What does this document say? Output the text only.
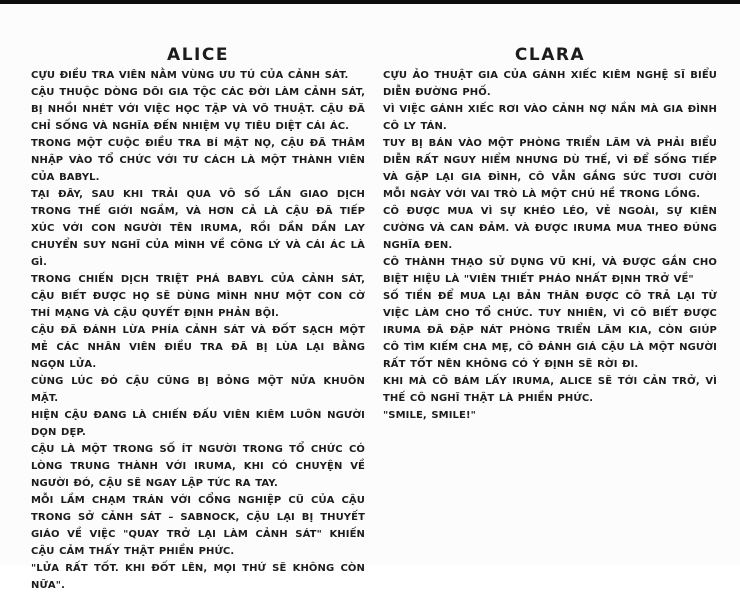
ALICE

CỰU ĐIỀU TRA VIÊN NẰM VÙNG ƯU TÚ CỦA CẢNH SÁT.

CẬU THUỘC DÒNG DÕI GIA TỘC CÁC ĐỜI LÀM CẢNH SÁT, BỊ NHỒI NHÉT VỚI VIỆC HỌC TẬP VÀ VÕ THUẬT. CẬU ĐÃ CHỈ SỐNG VÀ NGHĨA ĐẾN NHIỆM VỤ TIÊU DIỆT CÁI ÁC.

TRONG MỘT CUỘC ĐIỀU TRA BÍ MẬT NỌ, CẬU ĐÃ THÂM NHẬP VÀO TỔ CHỨC VỚI TƯ CÁCH LÀ MỘT THÀNH VIÊN CỦA BABYL.

TẠI ĐÂY, SAU KHI TRẢI QUA VÔ SỐ LẦN GIAO DỊCH TRONG THẾ GIỚI NGẦM, VÀ HƠN CẢ LÀ CẬU ĐÃ TIẾP XÚC VỚI CON NGƯỜI TÊN IRUMA, RỒI DẦN DẦN LAY CHUYỂN SUY NGHĨ CỦA MÌNH VỀ CÔNG LÝ VÀ CÁI ÁC LÀ GÌ.

TRONG CHIẾN DỊCH TRIỆT PHÁ BABYL CỦA CẢNH SÁT, CẬU BIẾT ĐƯỢC HỌ SẼ DÙNG MÌNH NHƯ MỘT CON CỜ THÍ MẠNG VÀ CẬU QUYẾT ĐỊNH PHẢN BỘI.

CẬU ĐÃ ĐÁNH LỪA PHÍA CẢNH SÁT VÀ ĐỐT SẠCH MỘT MẺ CÁC NHÂN VIÊN ĐIỀU TRA ĐÃ BỊ LÙA LẠI BẰNG NGỌN LỬA.

CÙNG LÚC ĐÓ CẬU CŨNG BỊ BỎNG MỘT NỬA KHUÔN MẶT.

HIỆN CẬU ĐANG LÀ CHIẾN ĐẤU VIÊN KIÊM LUÔN NGƯỜI DỌN DẸP.

CẬU LÀ MỘT TRONG SỐ ÍT NGƯỜI TRONG TỔ CHỨC CÓ LÒNG TRUNG THÀNH VỚI IRUMA, KHI CÓ CHUYỆN VỀ NGƯỜI ĐÓ, CẬU SẼ NGAY LẬP TỨC RA TAY.

MỖI LẦM CHẠM TRÁN VỚI CỔNG NGHIỆP CŨ CỦA CẬU TRONG SỞ CẢNH SÁT – SABNOCK, CẬU LẠI BỊ THUYẾT GIÁO VỀ VIỆC "QUAY TRỞ LẠI LÀM CẢNH SÁT" KHIẾN CẬU CẢM THẤY THẬT PHIỀN PHỨC.

"LỬA RẤT TỐT. KHI ĐỐT LÊN, MỌI THỨ SẼ KHÔNG CÒN NỮA".

CLARA

CỰU ẢO THUẬT GIA CỦA GÁNH XIẾC KIÊM NGHỆ SĨ BIỂU DIỄN ĐƯỜNG PHỐ.

VÌ VIỆC GÁNH XIẾC RƠI VÀO CẢNH NỢ NẦN MÀ GIA ĐÌNH CÔ LY TÁN.

TUY BỊ BÁN VÀO MỘT PHÒNG TRIỂN LÃM VÀ PHẢI BIỂU DIỄN RẤT NGUY HIỂM NHƯNG DÙ THẾ, VÌ ĐỂ SỐNG TIẾP VÀ GẶP LẠI GIA ĐÌNH, CÔ VẪN GẮNG SỨC TƯƠI CƯỜI MỖI NGÀY VỚI VAI TRÒ LÀ MỘT CHÚ HỀ TRONG LỒNG.

CÔ ĐƯỢC MUA VÌ SỰ KHÉO LÉO, VẺ NGOÀI, SỰ KIÊN CƯỜNG VÀ CAN ĐẢM. VÀ ĐƯỢC IRUMA MUA THEO ĐÚNG NGHĨA ĐEN.

CÔ THÀNH THẠO SỬ DỤNG VŨ KHÍ, VÀ ĐƯỢC GẮN CHO BIỆT HIỆU LÀ "VIÊN THIẾT PHÁO NHẤT ĐỊNH TRỞ VỀ"

SỐ TIỀN ĐỂ MUA LẠI BẢN THÂN ĐƯỢC CÔ TRẢ LẠI TỪ VIỆC LÀM CHO TỔ CHỨC. TUY NHIÊN, VÌ CÔ BIẾT ĐƯỢC IRUMA ĐÃ ĐẬP NÁT PHÒNG TRIỂN LÃM KIA, CÒN GIÚP CÔ TÌM KIẾM CHA MẸ, CÔ ĐÁNH GIÁ CẬU LÀ MỘT NGƯỜI RẤT TỐT NÊN KHÔNG CÓ Ý ĐỊNH SẼ RỜI ĐI.

KHI MÀ CÔ BÁM LẤY IRUMA, ALICE SẼ TỚI CẢN TRỞ, VÌ THẾ CÔ NGHĨ THẬT LÀ PHIỀN PHỨC.

"SMILE, SMILE!"
